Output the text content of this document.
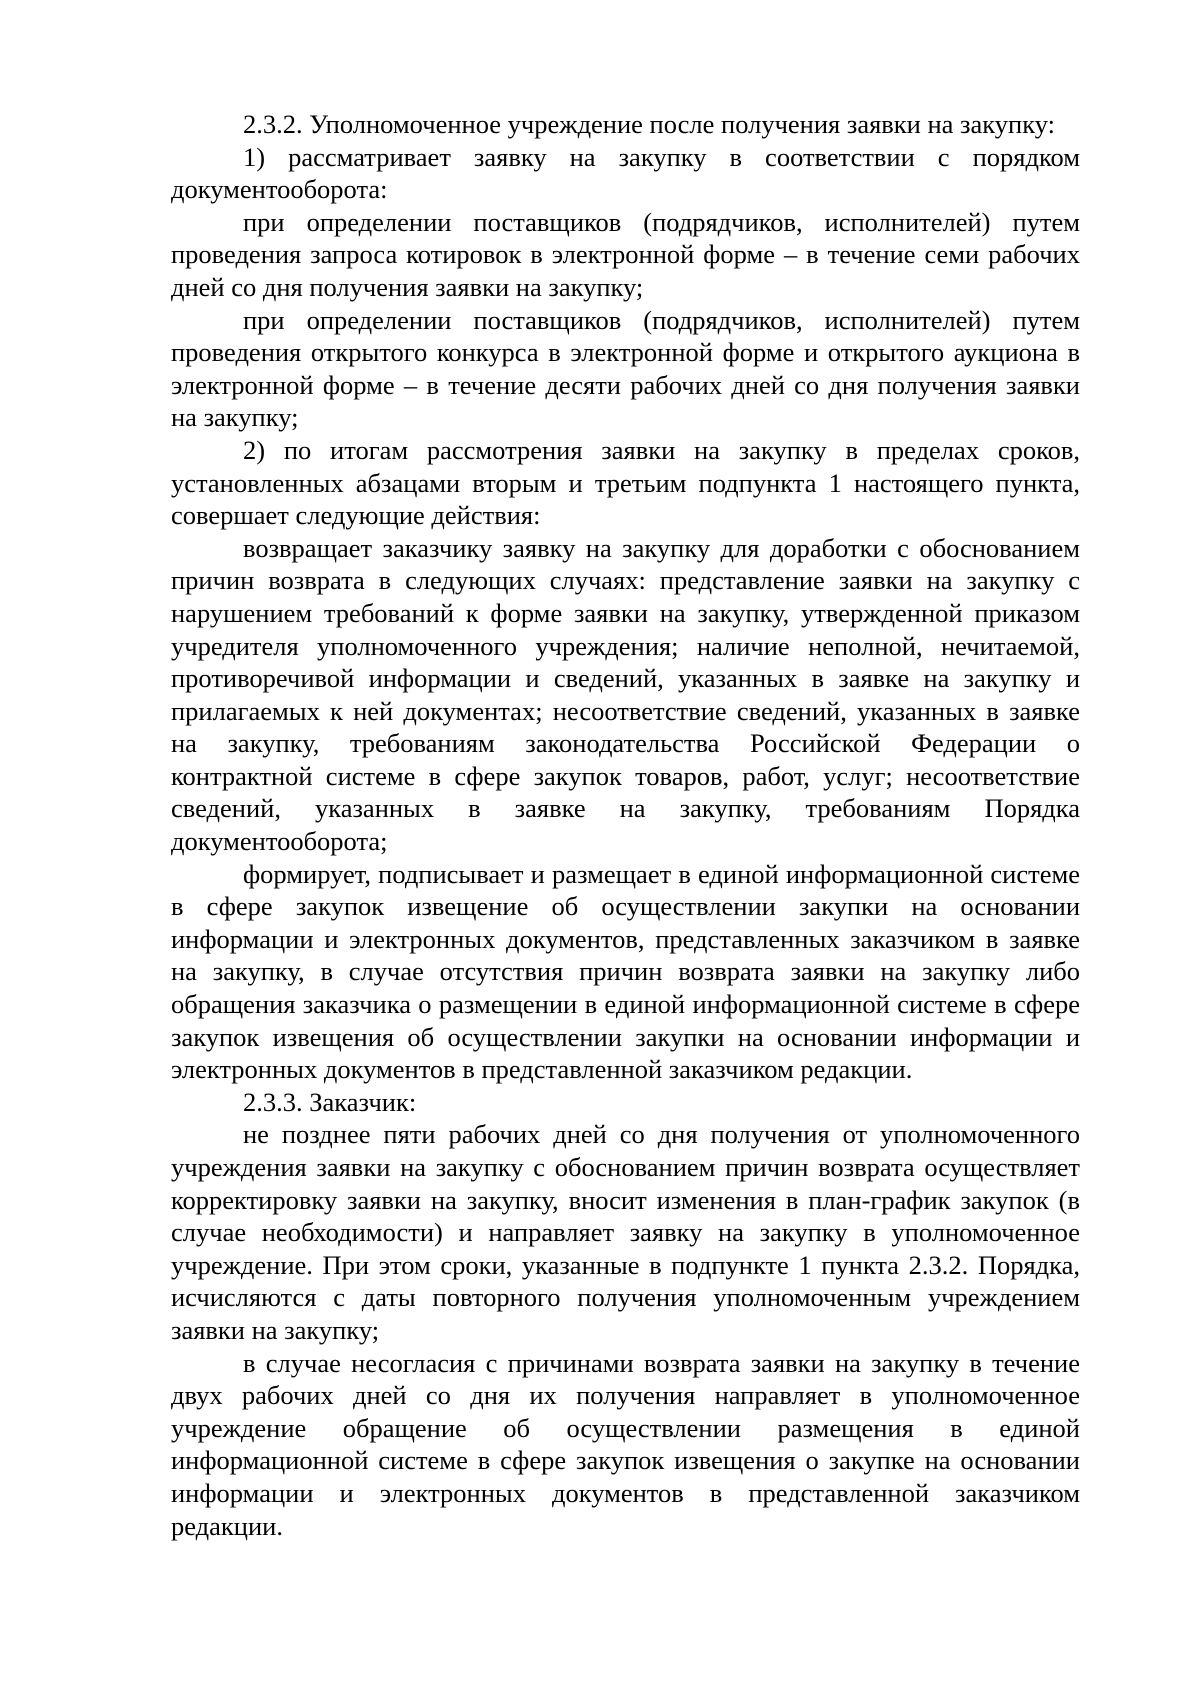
2.3.2. Уполномоченное учреждение после получения заявки на закупку:

1) рассматривает заявку на закупку в соответствии с порядком документооборота:

при определении поставщиков (подрядчиков, исполнителей) путем проведения запроса котировок в электронной форме – в течение семи рабочих дней со дня получения заявки на закупку;

при определении поставщиков (подрядчиков, исполнителей) путем проведения открытого конкурса в электронной форме и открытого аукциона в электронной форме – в течение десяти рабочих дней со дня получения заявки на закупку;

2) по итогам рассмотрения заявки на закупку в пределах сроков, установленных абзацами вторым и третьим подпункта 1 настоящего пункта, совершает следующие действия:

возвращает заказчику заявку на закупку для доработки с обоснованием причин возврата в следующих случаях: представление заявки на закупку с нарушением требований к форме заявки на закупку, утвержденной приказом учредителя уполномоченного учреждения; наличие неполной, нечитаемой, противоречивой информации и сведений, указанных в заявке на закупку и прилагаемых к ней документах; несоответствие сведений, указанных в заявке на закупку, требованиям законодательства Российской Федерации о контрактной системе в сфере закупок товаров, работ, услуг; несоответствие сведений, указанных в заявке на закупку, требованиям Порядка документооборота;

формирует, подписывает и размещает в единой информационной системе в сфере закупок извещение об осуществлении закупки на основании информации и электронных документов, представленных заказчиком в заявке на закупку, в случае отсутствия причин возврата заявки на закупку либо обращения заказчика о размещении в единой информационной системе в сфере закупок извещения об осуществлении закупки на основании информации и электронных документов в представленной заказчиком редакции.

2.3.3. Заказчик:

не позднее пяти рабочих дней со дня получения от уполномоченного учреждения заявки на закупку с обоснованием причин возврата осуществляет корректировку заявки на закупку, вносит изменения в план-график закупок (в случае необходимости) и направляет заявку на закупку в уполномоченное учреждение. При этом сроки, указанные в подпункте 1 пункта 2.3.2. Порядка, исчисляются с даты повторного получения уполномоченным учреждением заявки на закупку;

в случае несогласия с причинами возврата заявки на закупку в течение двух рабочих дней со дня их получения направляет в уполномоченное учреждение обращение об осуществлении размещения в единой информационной системе в сфере закупок извещения о закупке на основании информации и электронных документов в представленной заказчиком редакции.
